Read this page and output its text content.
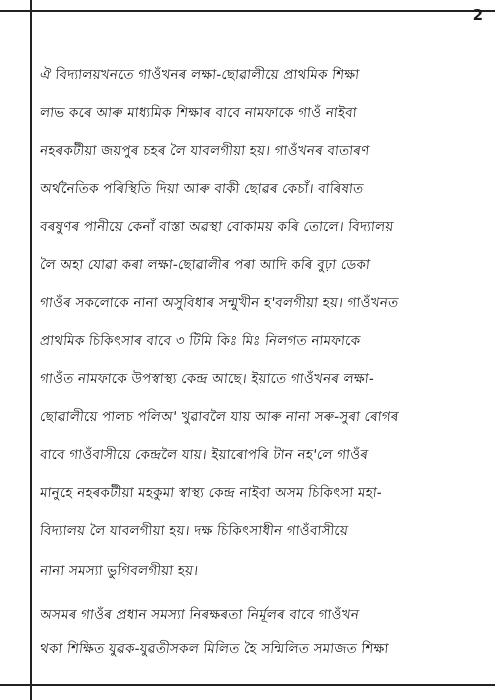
2
ঐ বিদ্যালয়খনতে গাওঁখনৰ লক্ষা-ছোৱালীয়ে প্ৰাথমিক শিক্ষা
লাভ কৰে আৰু মাধ্যমিক শিক্ষাৰ বাবে নামফাকে গাওঁ নাইবা
নহৰকটীয়া জয়পুৰ চহৰ লৈ যাবলগীয়া হয়। গাওঁখনৰ বাতাৰণ
অৰ্থনৈতিক পৰিস্থিতি দিয়া আৰু বাকী ছোৱৰ কেচাঁ। বাৰিষাত
বৰষুণৰ পানীয়ে কেনাঁ বাস্তা অৱস্থা বোকাময় কৰি তোলে। বিদ্যালয়
লৈ অহা যোৱা কৰা লক্ষা-ছোৱালীৰ পৰা আদি কৰি বুঢ়া ডেকা
গাওঁৰ সকলোকে নানা অসুবিধাৰ সন্মুখীন হ'বলগীয়া হয়। গাওঁখনত
প্ৰাথমিক চিকিৎসাৰ বাবে ৩ টিমি কিঃ মিঃ নিলগত নামফাকে
গাওঁত নামফাকে উপস্বাস্থ্য কেন্দ্ৰ আছে। ইয়াতে গাওঁখনৰ লক্ষা-
ছোৱালীয়ে পালচ পলিঅ' খুৱাবলৈ যায় আৰু নানা সৰু-সুৰা ৰোগৰ
বাবে গাওঁবাসীয়ে কেন্দ্ৰলৈ যায়। ইয়াৰোপৰি টান নহ'লে গাওঁৰ
মানুহে নহৰকটীয়া মহকুমা স্বাস্থ্য কেন্দ্ৰ নাইবা অসম চিকিৎসা মহা-
বিদ্যালয় লৈ যাবলগীয়া হয়। দক্ষ চিকিৎসাধীন গাওঁবাসীয়ে
নানা সমস্যা ভুগিবলগীয়া হয়।
অসমৰ গাওঁৰ প্ৰধান সমস্যা নিৰক্ষৰতা নিৰ্মূলৰ বাবে গাওঁখন
থকা শিক্ষিত যুৱক-যুৱতীসকল মিলিত হৈ সন্মিলিত সমাজত শিক্ষা
